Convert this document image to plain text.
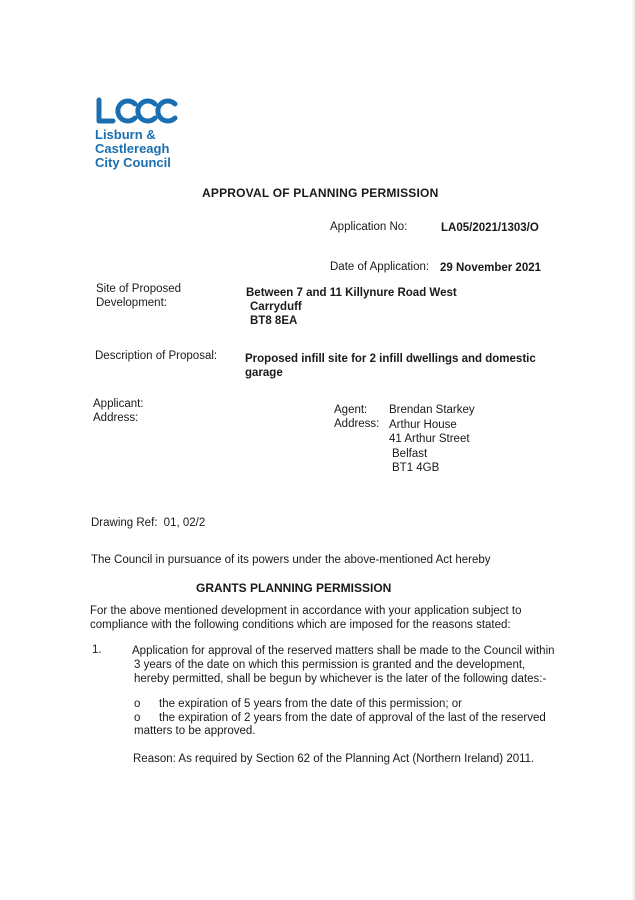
Lisburn &
Castlereagh
City Council
APPROVAL OF PLANNING PERMISSION
Application No:	LA05/2021/1303/O
Date of Application: 29 November 2021
Site of Proposed
Development:
Between 7 and 11 Killynure Road West
Carryduff
BT8 8EA
Description of Proposal: Proposed infill site for 2 infill dwellings and domestic
garage
Applicant:
Address:
Agent:
Address:
Brendan Starkey
Arthur House
41 Arthur Street
Belfast
BT1 4GB
Drawing Ref: 01, 02/2
The Council in pursuance of its powers under the above-mentioned Act hereby
GRANTS PLANNING PERMISSION
For the above mentioned development in accordance with your application subject to
compliance with the following conditions which are imposed for the reasons stated:
1.	Application for approval of the reserved matters shall be made to the Council within
3 years of the date on which this permission is granted and the development,
hereby permitted, shall be begun by whichever is the later of the following dates:-
o the expiration of 5 years from the date of this permission; or
o the expiration of 2 years from the date of approval of the last of the reserved
matters to be approved.
Reason: As required by Section 62 of the Planning Act (Northern Ireland) 2011.
